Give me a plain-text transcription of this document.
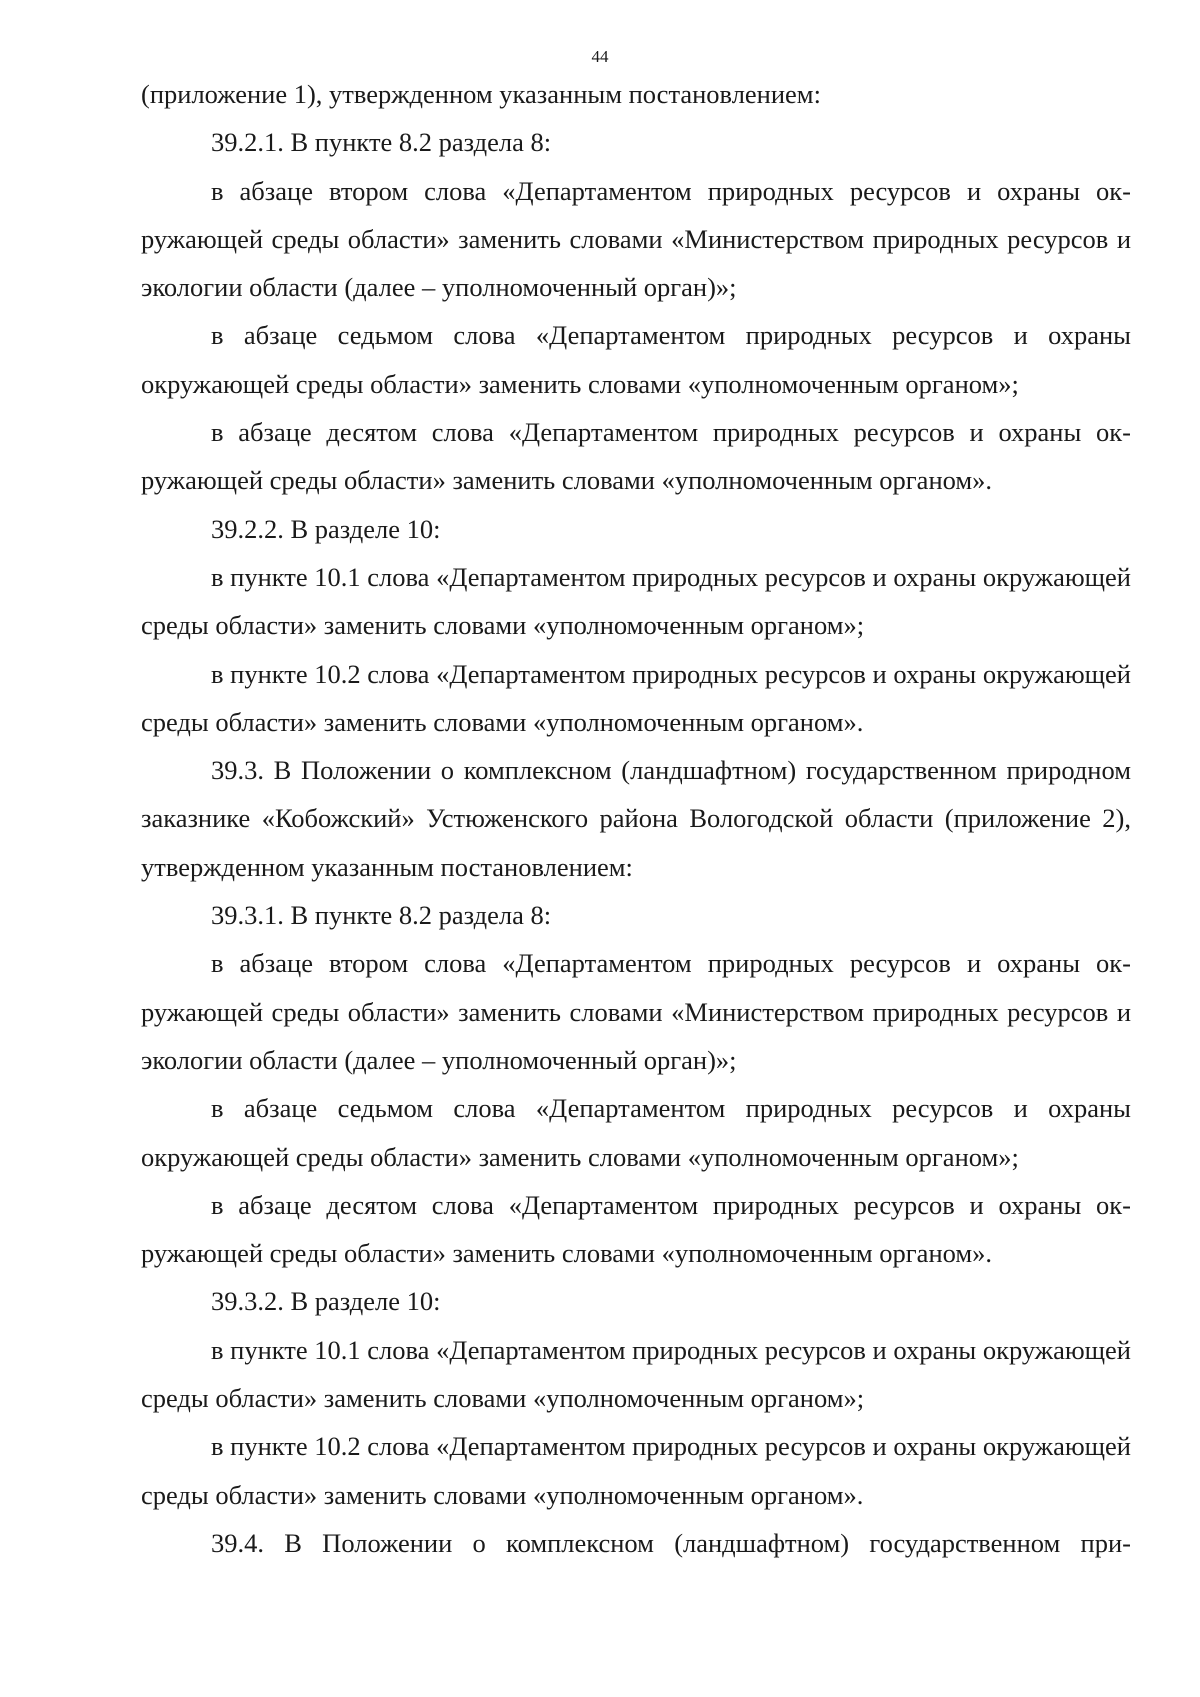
44

(приложение 1), утвержденном указанным постановлением:

39.2.1. В пункте 8.2 раздела 8:

в абзаце втором слова «Департаментом природных ресурсов и охраны окружающей среды области» заменить словами «Министерством природных ресурсов и экологии области (далее – уполномоченный орган)»;

в абзаце седьмом слова «Департаментом природных ресурсов и охраны окружающей среды области» заменить словами «уполномоченным органом»;

в абзаце десятом слова «Департаментом природных ресурсов и охраны окружающей среды области» заменить словами «уполномоченным органом».

39.2.2. В разделе 10:

в пункте 10.1 слова «Департаментом природных ресурсов и охраны окружающей среды области» заменить словами «уполномоченным органом»;

в пункте 10.2 слова «Департаментом природных ресурсов и охраны окружающей среды области» заменить словами «уполномоченным органом».

39.3. В Положении о комплексном (ландшафтном) государственном природном заказнике «Кобожский» Устюженского района Вологодской области (приложение 2), утвержденном указанным постановлением:

39.3.1. В пункте 8.2 раздела 8:

в абзаце втором слова «Департаментом природных ресурсов и охраны окружающей среды области» заменить словами «Министерством природных ресурсов и экологии области (далее – уполномоченный орган)»;

в абзаце седьмом слова «Департаментом природных ресурсов и охраны окружающей среды области» заменить словами «уполномоченным органом»;

в абзаце десятом слова «Департаментом природных ресурсов и охраны окружающей среды области» заменить словами «уполномоченным органом».

39.3.2. В разделе 10:

в пункте 10.1 слова «Департаментом природных ресурсов и охраны окружающей среды области» заменить словами «уполномоченным органом»;

в пункте 10.2 слова «Департаментом природных ресурсов и охраны окружающей среды области» заменить словами «уполномоченным органом».

39.4. В Положении о комплексном (ландшафтном) государственном при-
